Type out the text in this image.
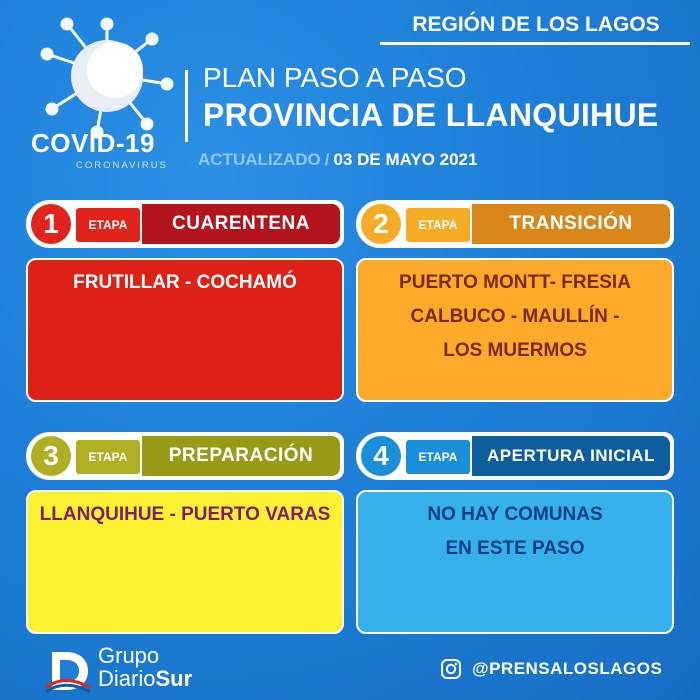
COVID-19
CORONAVIRUS
REGIÓN DE LOS LAGOS
PLAN PASO A PASO
PROVINCIA DE LLANQUIHUE
ACTUALIZADO / 03 DE MAYO 2021
1	ETAPA	CUARENTENA
FRUTILLAR - COCHAMÓ
2	ETAPA	TRANSICIÓN
PUERTO MONTT- FRESIA
CALBUCO - MAULLÍN -
LOS MUERMOS
3	ETAPA	PREPARACIÓN
LLANQUIHUE - PUERTO VARAS
4	ETAPA	APERTURA INICIAL
NO HAY COMUNAS
EN ESTE PASO
Grupo
DiarioSur	@PRENSALOSLAGOS
